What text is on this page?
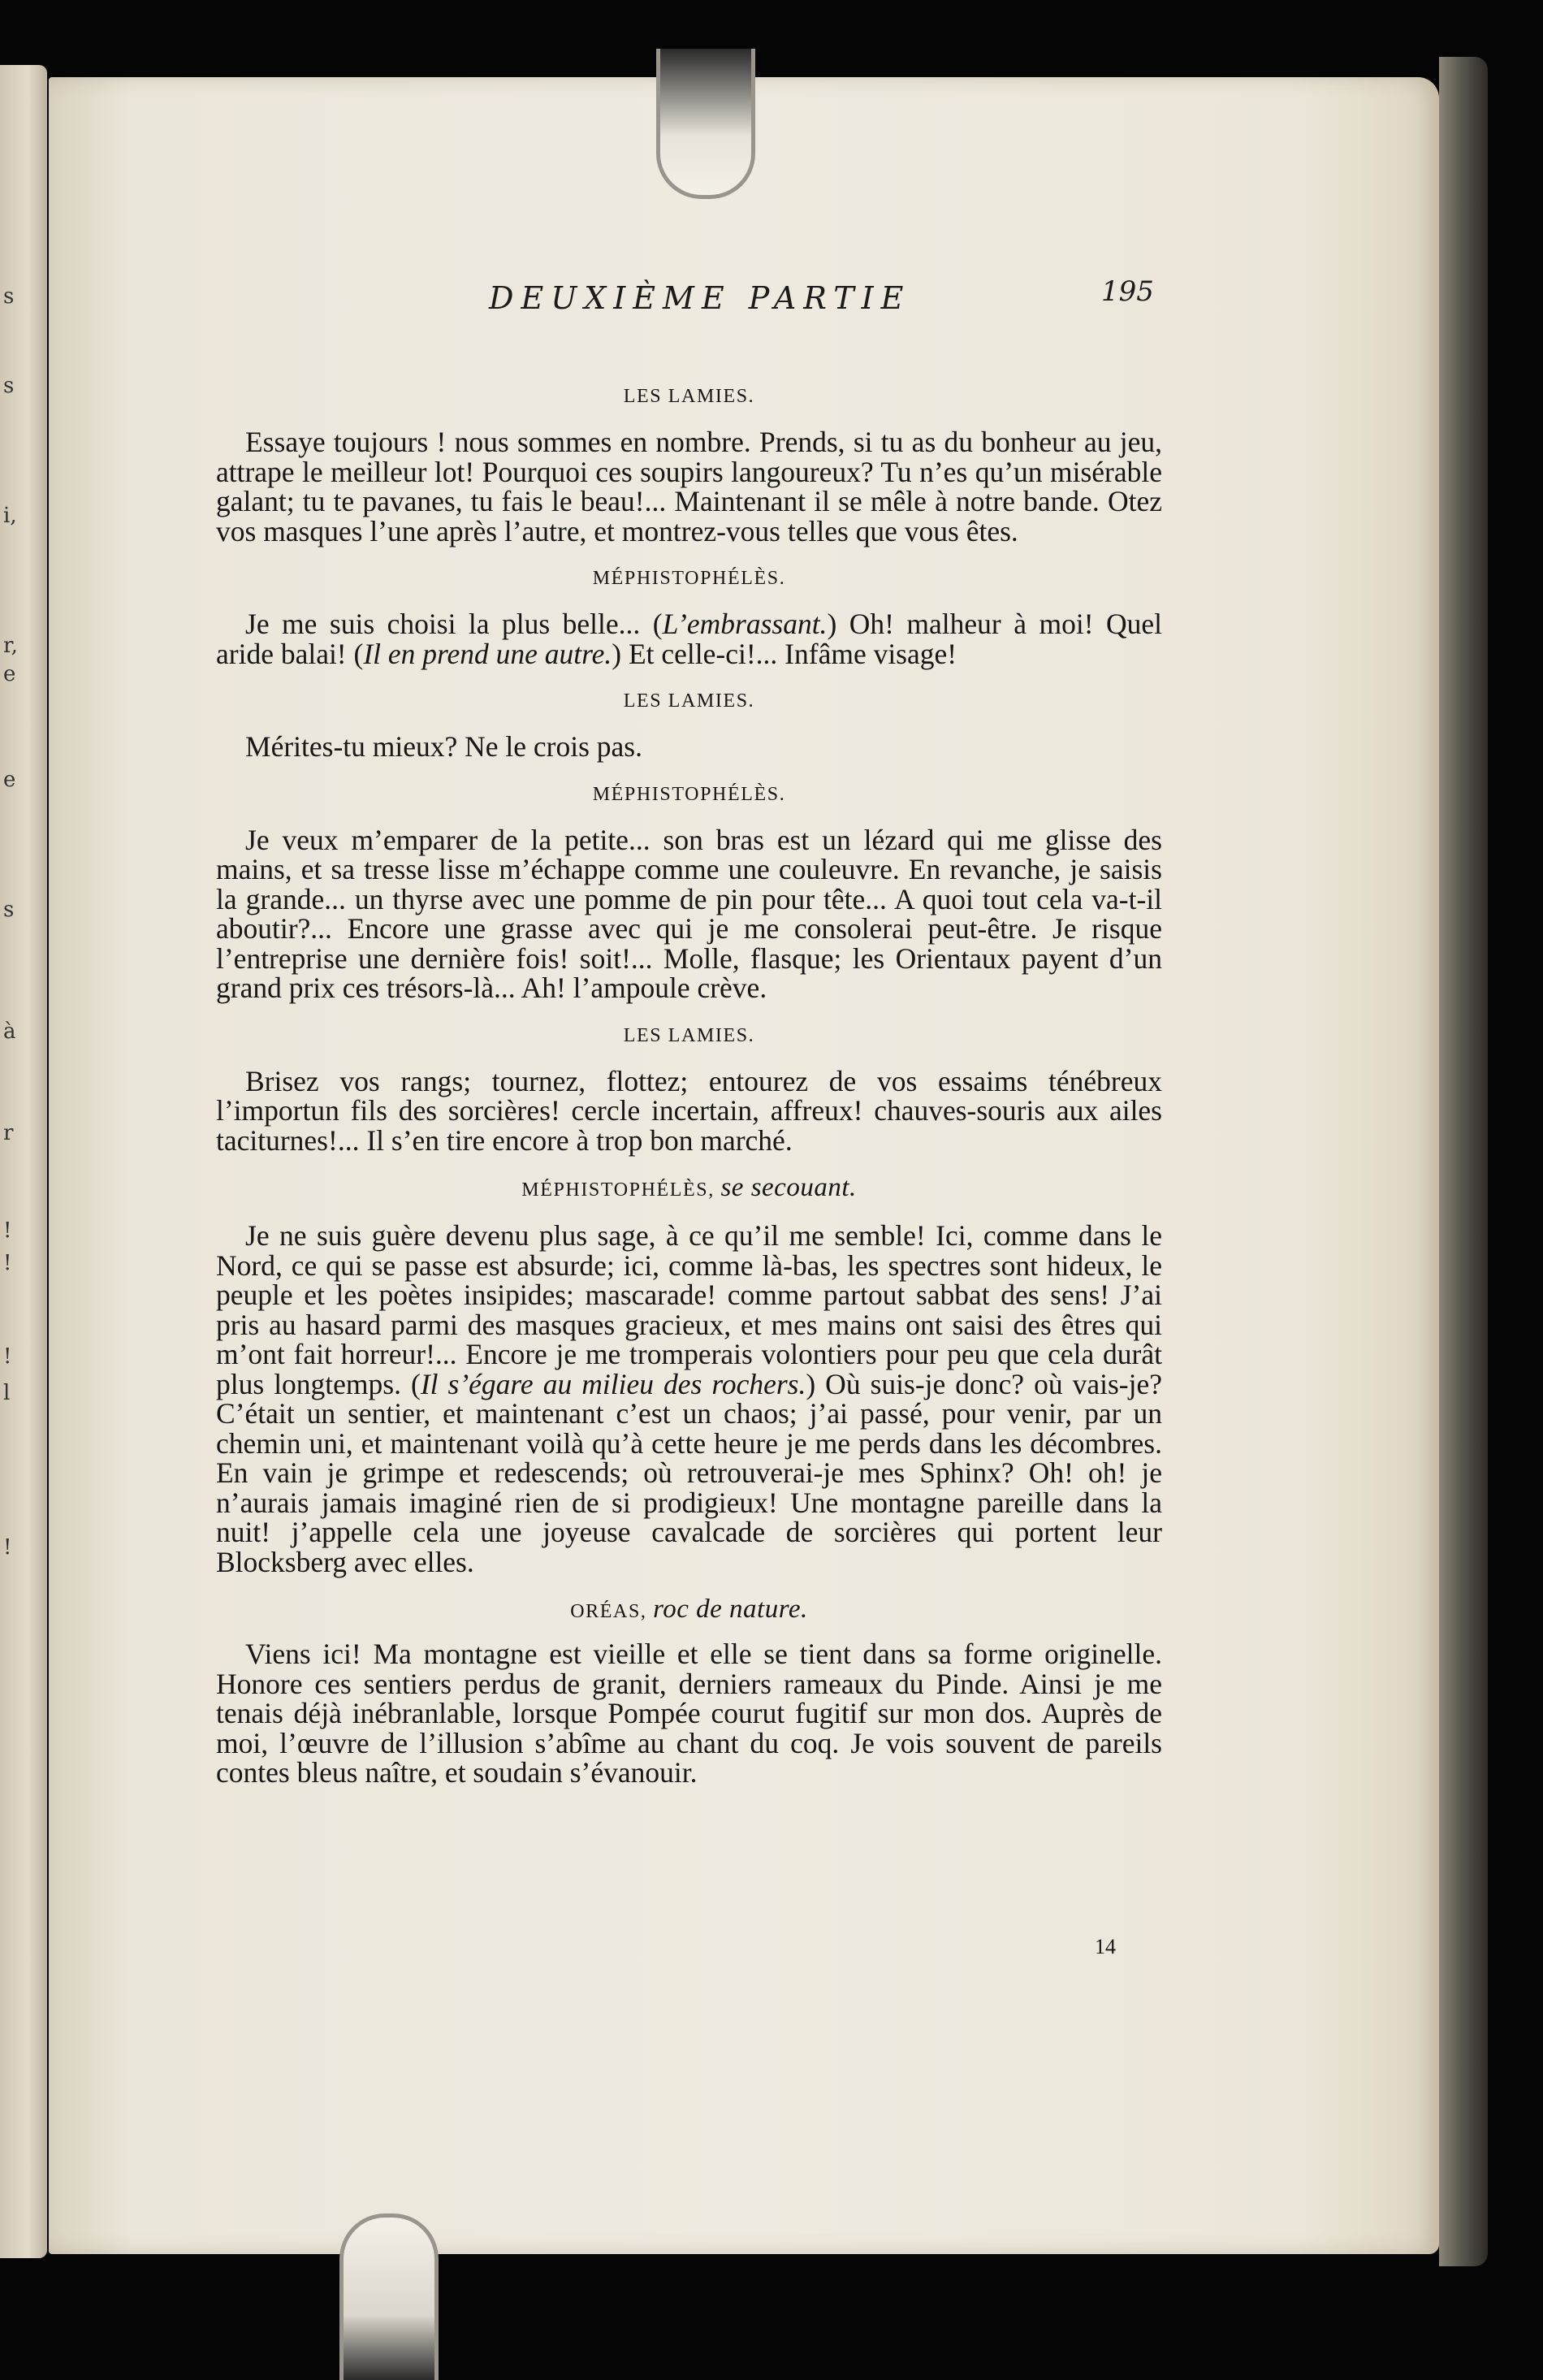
s
s
i,
r,
e
e
s
à
r
!
!
!
l
!
DEUXIÈME PARTIE	195
LES LAMIES.

Essaye toujours ! nous sommes en nombre. Prends, si tu as du bonheur au jeu, attrape le meilleur lot! Pourquoi ces soupirs langoureux? Tu n’es qu’un misérable galant; tu te pavanes, tu fais le beau!... Maintenant il se mêle à notre bande. Otez vos masques l’une après l’autre, et montrez-vous telles que vous êtes.

MÉPHISTOPHÉLÈS.

Je me suis choisi la plus belle... (L’embrassant.) Oh! malheur à moi! Quel aride balai! (Il en prend une autre.) Et celle-ci!... Infâme visage!

LES LAMIES.

Mérites-tu mieux? Ne le crois pas.

MÉPHISTOPHÉLÈS.

Je veux m’emparer de la petite... son bras est un lézard qui me glisse des mains, et sa tresse lisse m’échappe comme une couleuvre. En revanche, je saisis la grande... un thyrse avec une pomme de pin pour tête... A quoi tout cela va-t-il aboutir?... Encore une grasse avec qui je me consolerai peut-être. Je risque l’entreprise une dernière fois! soit!... Molle, flasque; les Orientaux payent d’un grand prix ces trésors-là... Ah! l’ampoule crève.

LES LAMIES.

Brisez vos rangs; tournez, flottez; entourez de vos essaims ténébreux l’importun fils des sorcières! cercle incertain, affreux! chauves-souris aux ailes taciturnes!... Il s’en tire encore à trop bon marché.

MÉPHISTOPHÉLÈS, se secouant.

Je ne suis guère devenu plus sage, à ce qu’il me semble! Ici, comme dans le Nord, ce qui se passe est absurde; ici, comme là-bas, les spectres sont hideux, le peuple et les poètes insipides; mascarade! comme partout sabbat des sens! J’ai pris au hasard parmi des masques gracieux, et mes mains ont saisi des êtres qui m’ont fait horreur!... Encore je me tromperais volontiers pour peu que cela durât plus longtemps. (Il s’égare au milieu des rochers.) Où suis-je donc? où vais-je? C’était un sentier, et maintenant c’est un chaos; j’ai passé, pour venir, par un chemin uni, et maintenant voilà qu’à cette heure je me perds dans les décombres. En vain je grimpe et redescends; où retrouverai-je mes Sphinx? Oh! oh! je n’aurais jamais imaginé rien de si prodigieux! Une montagne pareille dans la nuit! j’appelle cela une joyeuse cavalcade de sorcières qui portent leur Blocksberg avec elles.

ORÉAS, roc de nature.

Viens ici! Ma montagne est vieille et elle se tient dans sa forme originelle. Honore ces sentiers perdus de granit, derniers rameaux du Pinde. Ainsi je me tenais déjà inébranlable, lorsque Pompée courut fugitif sur mon dos. Auprès de moi, l’œuvre de l’illusion s’abîme au chant du coq. Je vois souvent de pareils contes bleus naître, et soudain s’évanouir.

14
